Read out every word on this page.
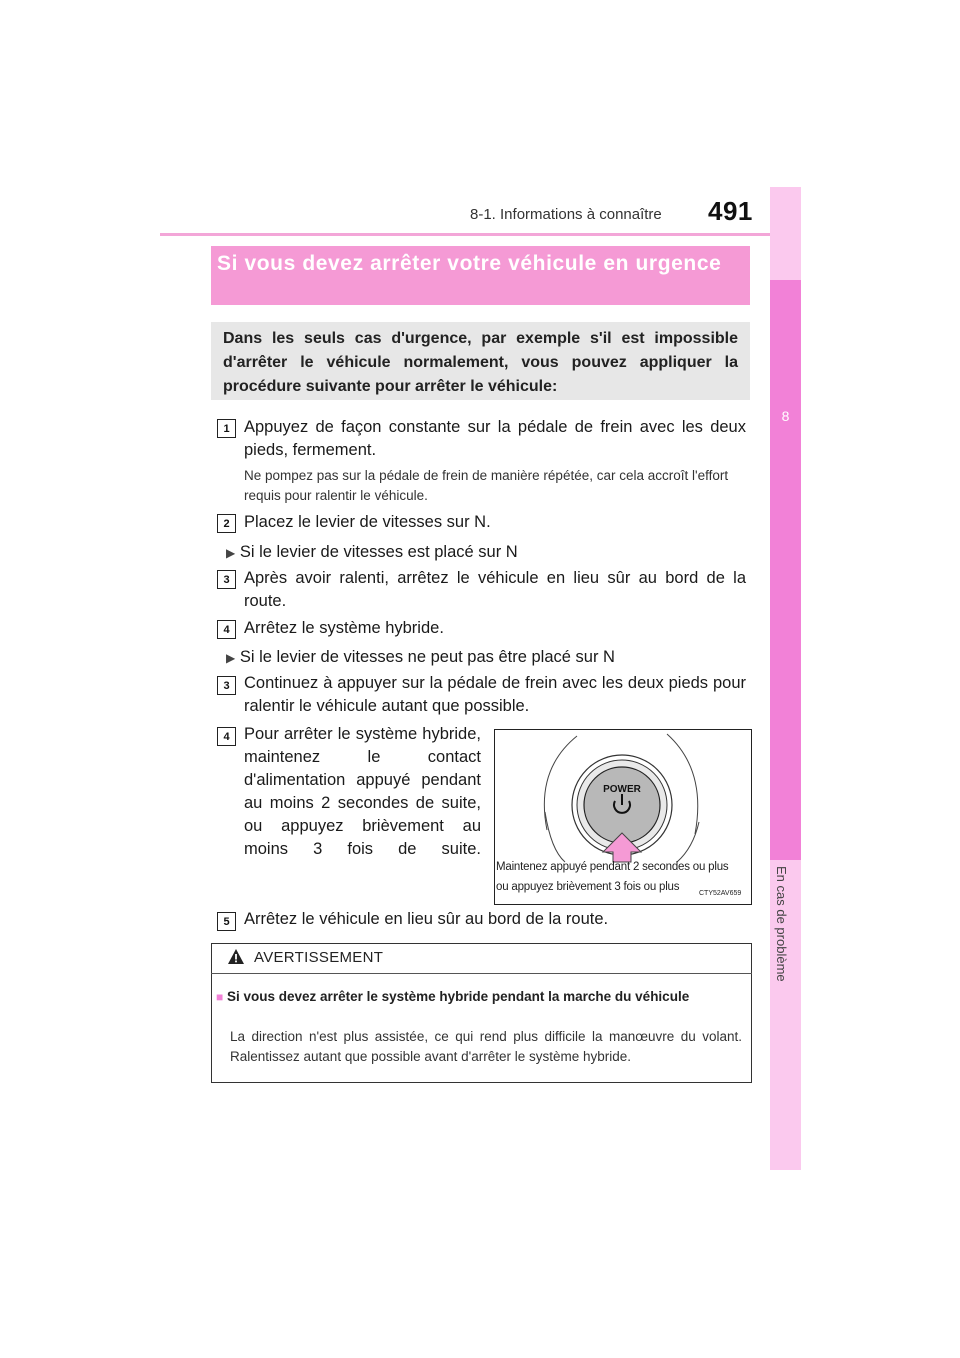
8-1. Informations à connaître 491
8
En cas de problème
Si vous devez arrêter votre véhicule en urgence
Dans les seuls cas d'urgence, par exemple s'il est impossible d'arrêter le véhicule normalement, vous pouvez appliquer la procédure suivante pour arrêter le véhicule:
1 Appuyez de façon constante sur la pédale de frein avec les deux pieds, fermement.
Ne pompez pas sur la pédale de frein de manière répétée, car cela accroît l'effort requis pour ralentir le véhicule.
2 Placez le levier de vitesses sur N.
▶ Si le levier de vitesses est placé sur N
3 Après avoir ralenti, arrêtez le véhicule en lieu sûr au bord de la route.
4 Arrêtez le système hybride.
▶ Si le levier de vitesses ne peut pas être placé sur N
3 Continuez à appuyer sur la pédale de frein avec les deux pieds pour ralentir le véhicule autant que possible.
4 Pour arrêter le système hybride, maintenez le contact d'alimentation appuyé pendant au moins 2 secondes de suite, ou appuyez brièvement au moins 3 fois de suite.
POWER
Maintenez appuyé pendant 2 secondes ou plus
ou appuyez brièvement 3 fois ou plus
CTY52AV659
5 Arrêtez le véhicule en lieu sûr au bord de la route.
AVERTISSEMENT
■ Si vous devez arrêter le système hybride pendant la marche du véhicule
La direction n'est plus assistée, ce qui rend plus difficile la manœuvre du volant. Ralentissez autant que possible avant d'arrêter le système hybride.
